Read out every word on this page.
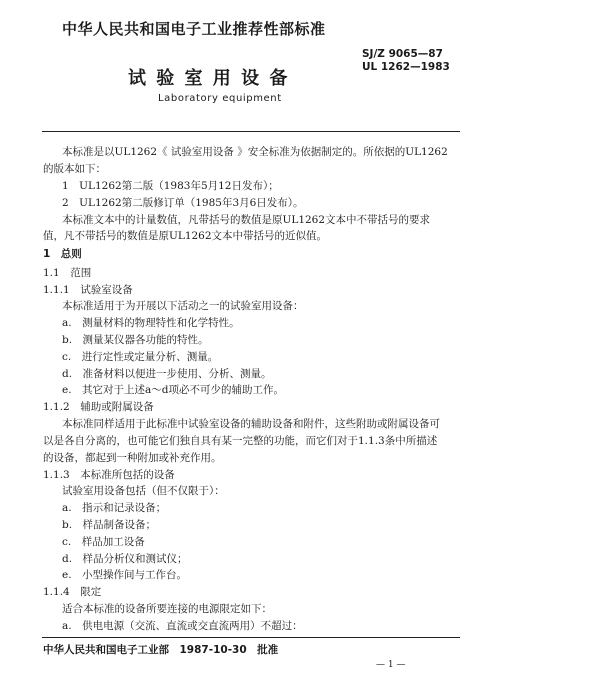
中华人民共和国电子工业推荐性部标准
SJ/Z 9065—87
UL 1262—1983
试 验 室 用 设 备
Laboratory equipment
本标准是以UL1262《 试验室用设备 》安全标准为依据制定的。所依据的UL1262
的版本如下：
1　UL1262第二版（1983年5月12日发布）；
2　UL1262第二版修订单（1985年3月6日发布）。
本标准文本中的计量数值，凡带括号的数值是原UL1262文本中不带括号的要求
值，凡不带括号的数值是原UL1262文本中带括号的近似值。
1　总则
1.1　范围
1.1.1　试验室设备
本标准适用于为开展以下活动之一的试验室用设备：
a.　测量材料的物理特性和化学特性。
b.　测量某仪器各功能的特性。
c.　进行定性或定量分析、测量。
d.　准备材料以便进一步使用、分析、测量。
e.　其它对于上述a～d项必不可少的辅助工作。
1.1.2　辅助或附属设备
本标准同样适用于此标准中试验室设备的辅助设备和附件，这些附助或附属设备可
以是各自分离的，也可能它们独自具有某一完整的功能，而它们对于1.1.3条中所描述
的设备，都起到一种附加或补充作用。
1.1.3　本标准所包括的设备
试验室用设备包括（但不仅限于）：
a.　指示和记录设备；
b.　样品制备设备；
c.　样品加工设备
d.　样品分析仪和测试仪；
e.　小型操作间与工作台。
1.1.4　限定
适合本标准的设备所要连接的电源限定如下：
a.　供电电源（交流、直流或交直流两用）不超过：
中华人民共和国电子工业部　1987-10-30　批准
— 1 —
